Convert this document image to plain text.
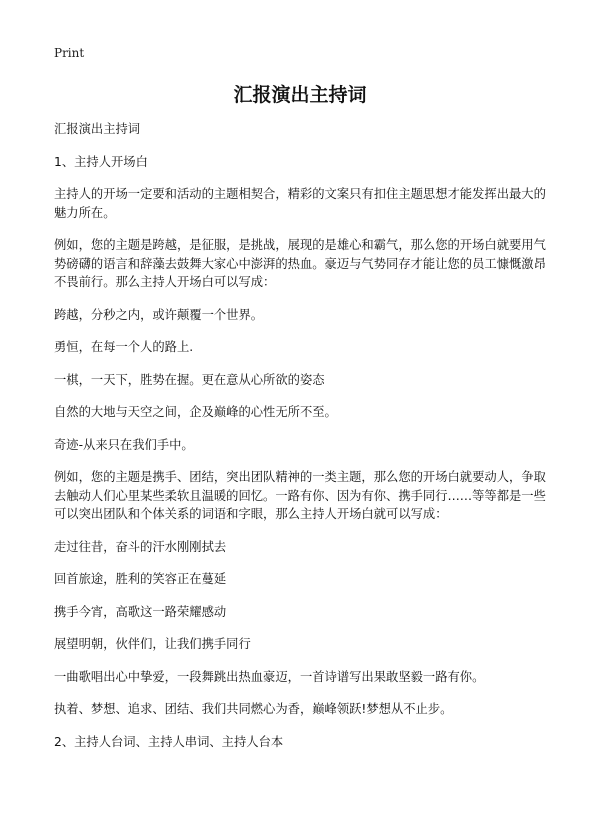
Print
汇报演出主持词

汇报演出主持词

1、主持人开场白

主持人的开场一定要和活动的主题相契合，精彩的文案只有扣住主题思想才能发挥出最大的魅力所在。

例如，您的主题是跨越，是征服，是挑战，展现的是雄心和霸气，那么您的开场白就要用气势磅礴的语言和辞藻去鼓舞大家心中澎湃的热血。豪迈与气势同存才能让您的员工慷慨激昂不畏前行。那么主持人开场白可以写成：

跨越，分秒之内，或许颠覆一个世界。

勇恒，在每一个人的路上.

一棋，一天下，胜势在握。更在意从心所欲的姿态

自然的大地与天空之间，企及巅峰的心性无所不至。

奇迹-从来只在我们手中。

例如，您的主题是携手、团结，突出团队精神的一类主题，那么您的开场白就要动人，争取去触动人们心里某些柔软且温暖的回忆。一路有你、因为有你、携手同行……等等都是一些可以突出团队和个体关系的词语和字眼，那么主持人开场白就可以写成：

走过往昔，奋斗的汗水刚刚拭去

回首旅途，胜利的笑容正在蔓延

携手今宵，高歌这一路荣耀感动

展望明朝，伙伴们，让我们携手同行

一曲歌唱出心中挚爱，一段舞跳出热血豪迈，一首诗谱写出果敢坚毅一路有你。

执着、梦想、追求、团结、我们共同燃心为香，巅峰领跃!梦想从不止步。

2、主持人台词、主持人串词、主持人台本
